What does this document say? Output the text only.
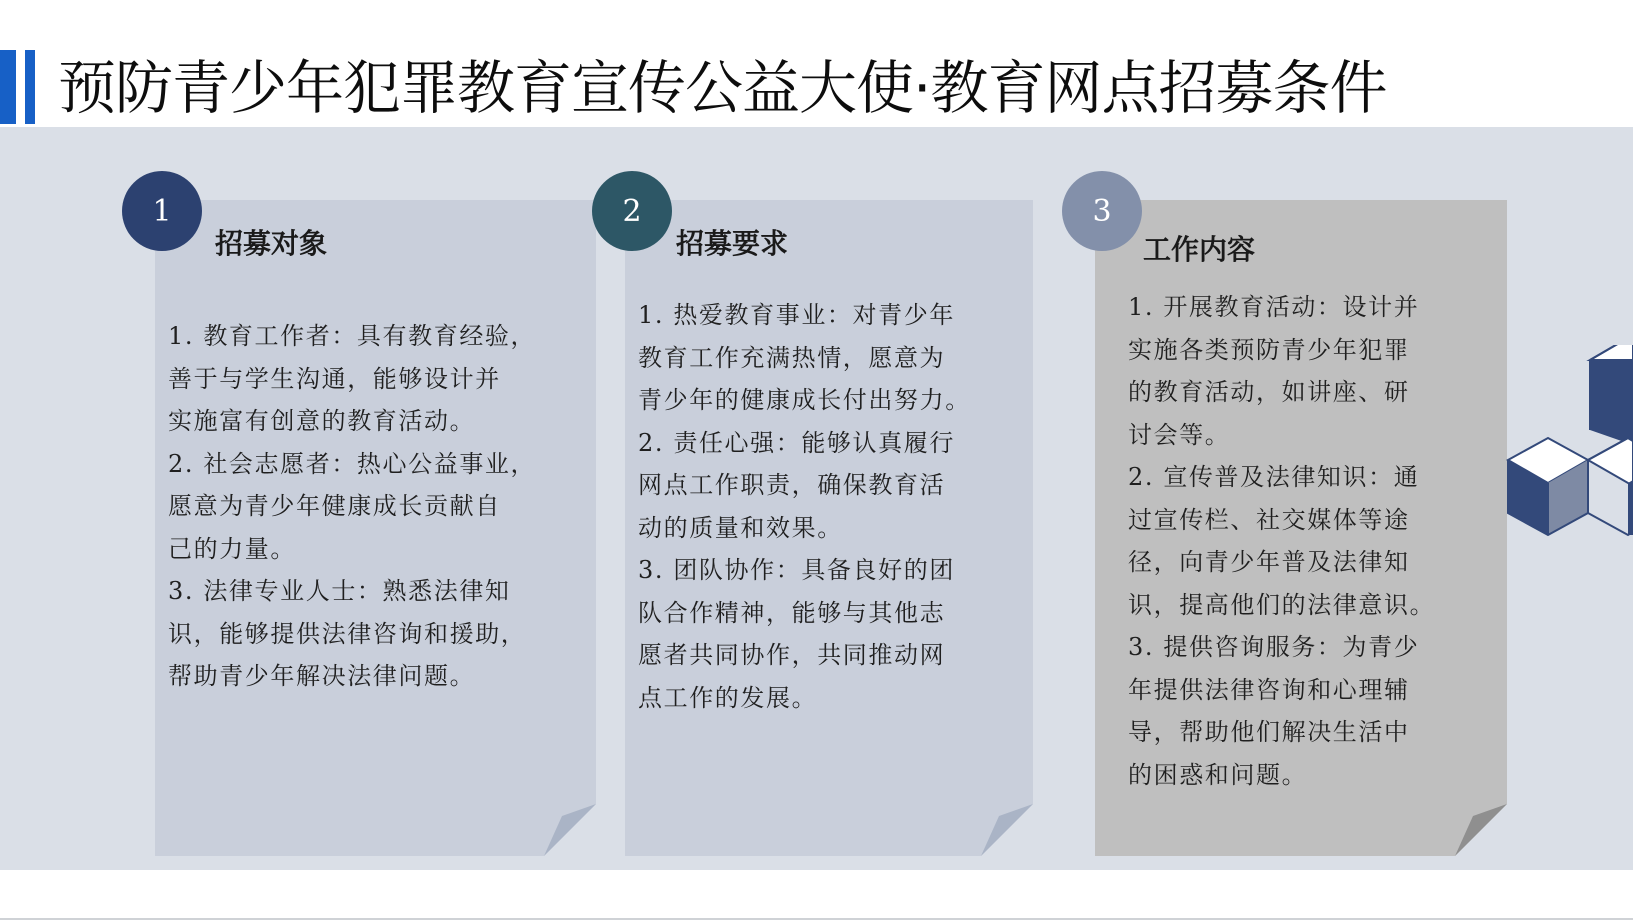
预防青少年犯罪教育宣传公益大使·教育网点招募条件
1
招募对象

1. 教育工作者：具有教育经验，
善于与学生沟通，能够设计并
实施富有创意的教育活动。
2. 社会志愿者：热心公益事业，
愿意为青少年健康成长贡献自
己的力量。
3. 法律专业人士：熟悉法律知
识，能够提供法律咨询和援助，
帮助青少年解决法律问题。

2
招募要求

1. 热爱教育事业：对青少年
教育工作充满热情，愿意为
青少年的健康成长付出努力。
2. 责任心强：能够认真履行
网点工作职责，确保教育活
动的质量和效果。
3. 团队协作：具备良好的团
队合作精神，能够与其他志
愿者共同协作，共同推动网
点工作的发展。

3
工作内容

1. 开展教育活动：设计并
实施各类预防青少年犯罪
的教育活动，如讲座、研
讨会等。
2. 宣传普及法律知识：通
过宣传栏、社交媒体等途
径，向青少年普及法律知
识，提高他们的法律意识。
3. 提供咨询服务：为青少
年提供法律咨询和心理辅
导，帮助他们解决生活中
的困惑和问题。
